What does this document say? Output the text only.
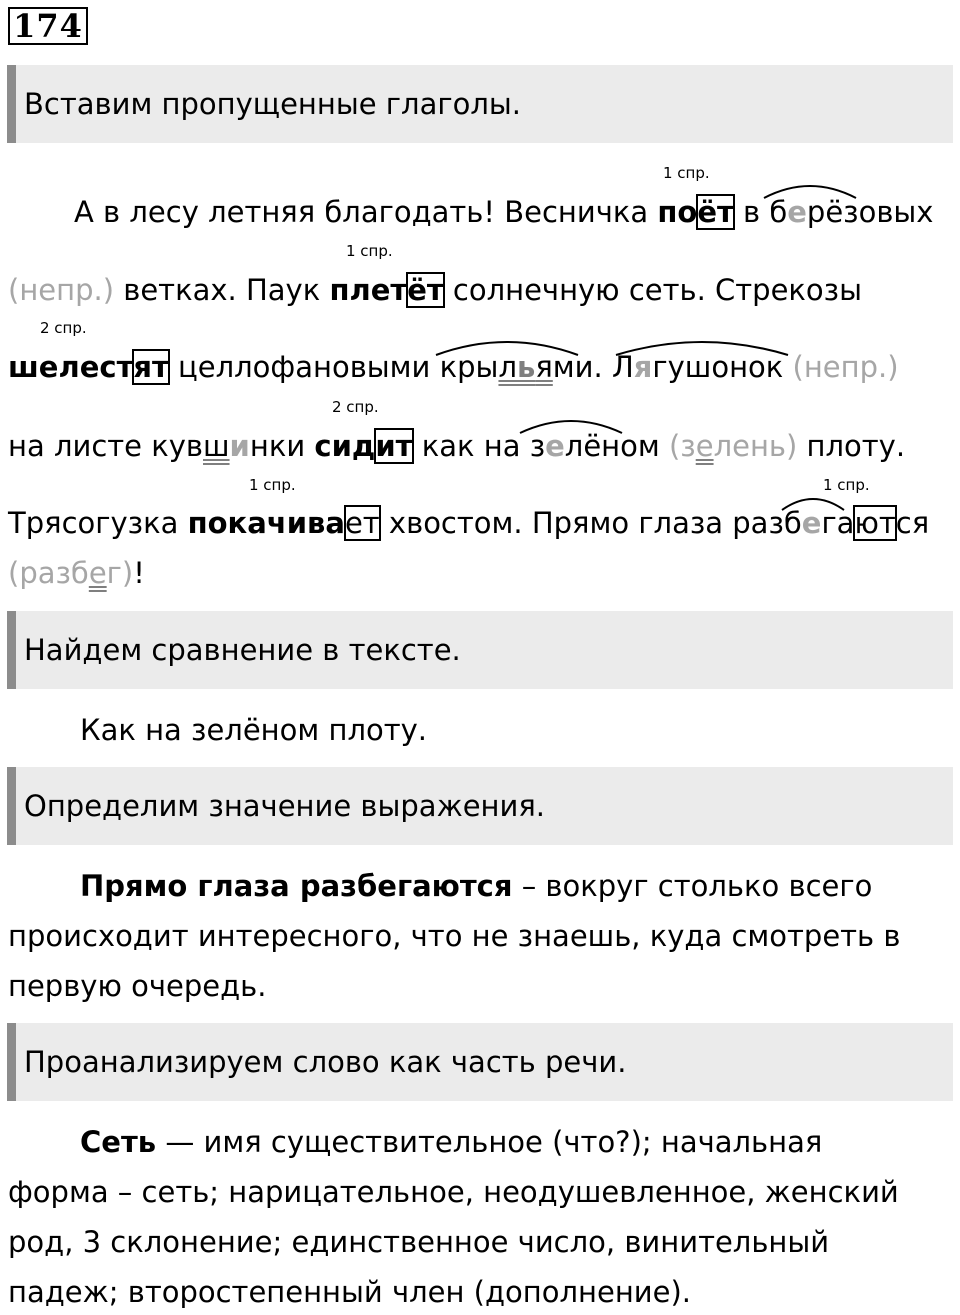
174
Вставим пропущенные глаголы.
1 спр.
1 спр.
2 спр.
2 спр.
1 спр.	1 спр.
А в лесу летняя благодать! Весничка поёт в берёзовых
(непр.) ветках. Паук плетёт солнечную сеть. Стрекозы
шелестят целлофановыми крыльями. Лягушонок (непр.)
на листе кувшинки сидит как на зелёном (зелень) плоту.
Трясогузка покачивает хвостом. Прямо глаза разбегаются
(разбег)!
Найдем сравнение в тексте.
Как на зелёном плоту.
Определим значение выражения.
Прямо глаза разбегаются – вокруг столько всего
происходит интересного, что не знаешь, куда смотреть в
первую очередь.
Проанализируем слово как часть речи.
Сеть — имя существительное (что?); начальная
форма – сеть; нарицательное, неодушевленное, женский
род, 3 склонение; единственное число, винительный
падеж; второстепенный член (дополнение).
